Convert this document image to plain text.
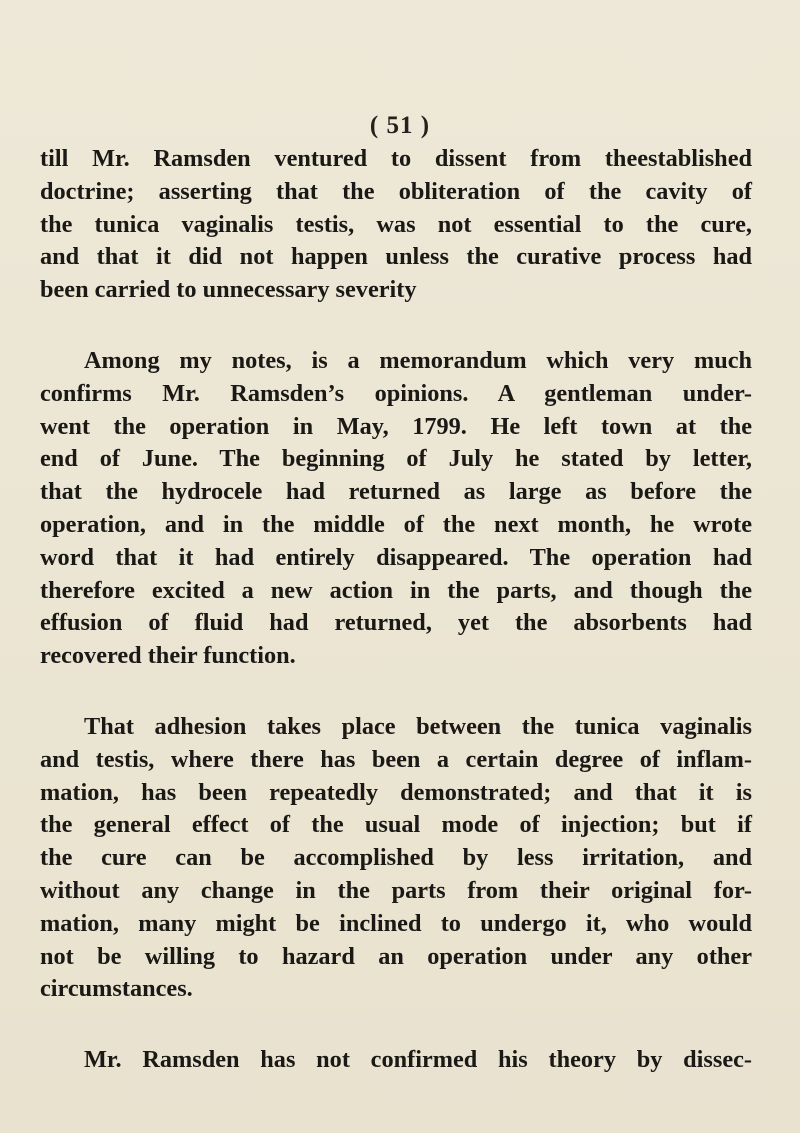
( 51 )
till Mr. Ramsden ventured to dissent from theestablished
doctrine; asserting that the obliteration of the cavity of
the tunica vaginalis testis, was not essential to the cure,
and that it did not happen unless the curative process had
been carried to unnecessary severity
Among my notes, is a memorandum which very much
confirms Mr. Ramsden’s opinions. A gentleman under-
went the operation in May, 1799. He left town at the
end of June. The beginning of July he stated by letter,
that the hydrocele had returned as large as before the
operation, and in the middle of the next month, he wrote
word that it had entirely disappeared. The operation had
therefore excited a new action in the parts, and though the
effusion of fluid had returned, yet the absorbents had
recovered their function.
That adhesion takes place between the tunica vaginalis
and testis, where there has been a certain degree of inflam-
mation, has been repeatedly demonstrated; and that it is
the general effect of the usual mode of injection; but if
the cure can be accomplished by less irritation, and
without any change in the parts from their original for-
mation, many might be inclined to undergo it, who would
not be willing to hazard an operation under any other
circumstances.
Mr. Ramsden has not confirmed his theory by dissec-
